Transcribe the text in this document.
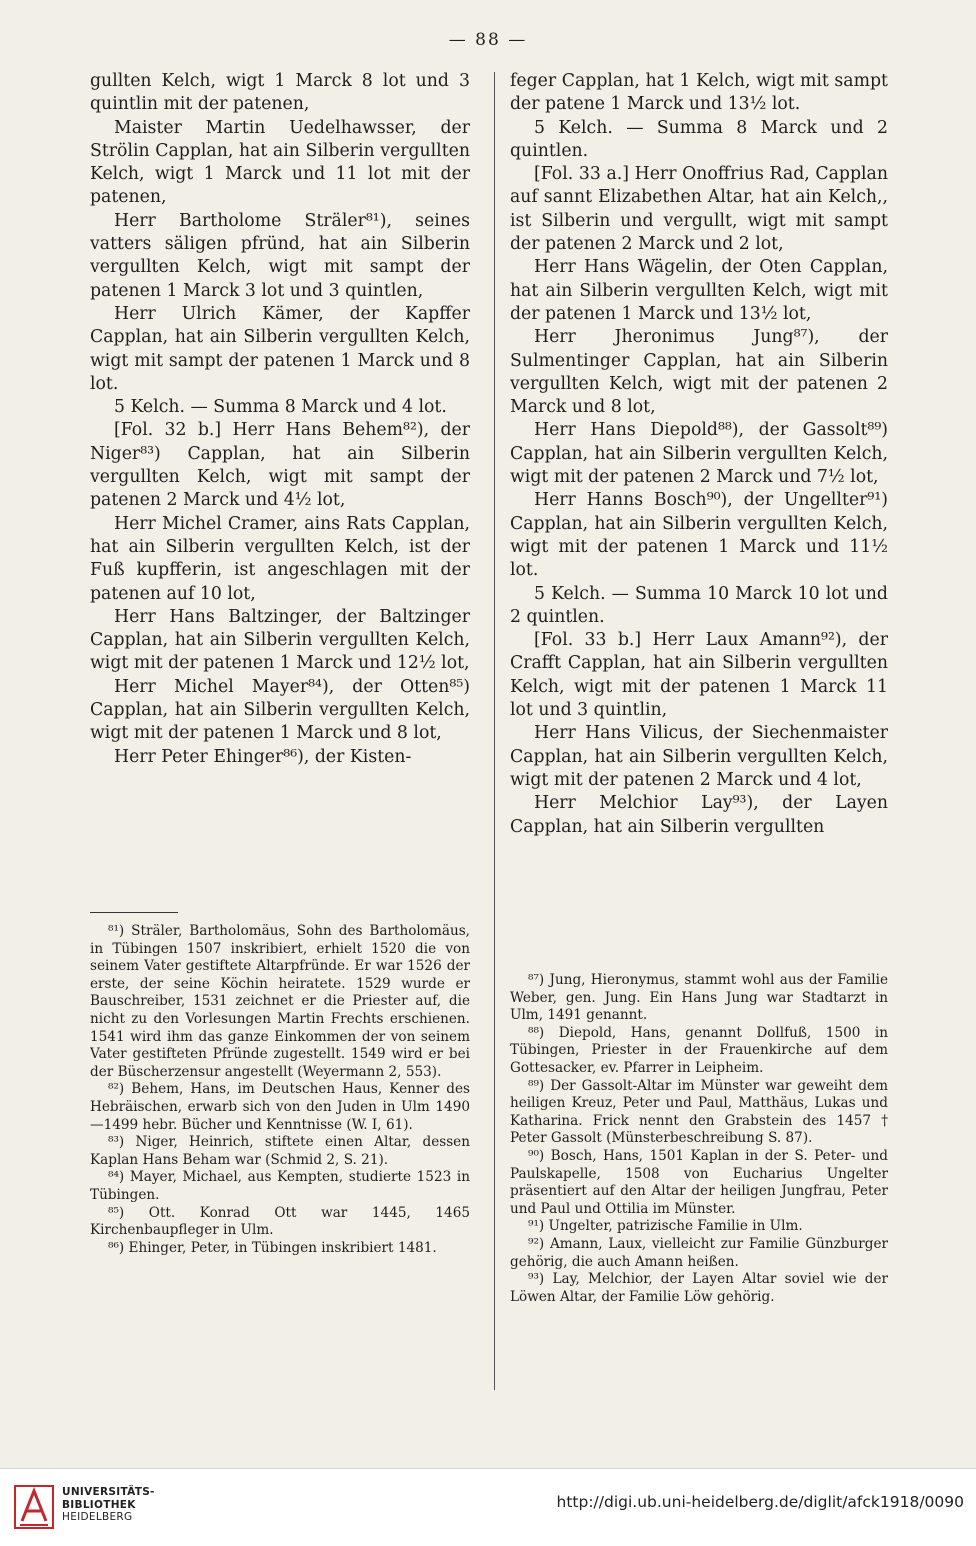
— 88 —

gullten Kelch, wigt 1 Marck 8 lot und 3 quintlin mit der patenen,

Maister Martin Uedelhawsser, der Strölin Capplan, hat ain Silberin vergullten Kelch, wigt 1 Marck und 11 lot mit der patenen,

Herr Bartholome Sträler⁸¹), seines vatters säligen pfründ, hat ain Silberin vergullten Kelch, wigt mit sampt der patenen 1 Marck 3 lot und 3 quintlen,

Herr Ulrich Kämer, der Kapffer Capplan, hat ain Silberin vergullten Kelch, wigt mit sampt der patenen 1 Marck und 8 lot.

5 Kelch. — Summa 8 Marck und 4 lot.

[Fol. 32 b.] Herr Hans Behem⁸²), der Niger⁸³) Capplan, hat ain Silberin vergullten Kelch, wigt mit sampt der patenen 2 Marck und 4½ lot,

Herr Michel Cramer, ains Rats Capplan, hat ain Silberin vergullten Kelch, ist der Fuß kupfferin, ist angeschlagen mit der patenen auf 10 lot,

Herr Hans Baltzinger, der Baltzinger Capplan, hat ain Silberin vergullten Kelch, wigt mit der patenen 1 Marck und 12½ lot,

Herr Michel Mayer⁸⁴), der Otten⁸⁵) Capplan, hat ain Silberin vergullten Kelch, wigt mit der patenen 1 Marck und 8 lot,

Herr Peter Ehinger⁸⁶), der Kisten-

⁸¹) Sträler, Bartholomäus, Sohn des Bartholomäus, in Tübingen 1507 inskribiert, erhielt 1520 die von seinem Vater gestiftete Altarpfründe. Er war 1526 der erste, der seine Köchin heiratete. 1529 wurde er Bauschreiber, 1531 zeichnet er die Priester auf, die nicht zu den Vorlesungen Martin Frechts erschienen. 1541 wird ihm das ganze Einkommen der von seinem Vater gestifteten Pfründe zugestellt. 1549 wird er bei der Büscherzensur angestellt (Weyermann 2, 553).

⁸²) Behem, Hans, im Deutschen Haus, Kenner des Hebräischen, erwarb sich von den Juden in Ulm 1490—1499 hebr. Bücher und Kenntnisse (W. I, 61).

⁸³) Niger, Heinrich, stiftete einen Altar, dessen Kaplan Hans Beham war (Schmid 2, S. 21).

⁸⁴) Mayer, Michael, aus Kempten, studierte 1523 in Tübingen.

⁸⁵) Ott. Konrad Ott war 1445, 1465 Kirchenbaupfleger in Ulm.

⁸⁶) Ehinger, Peter, in Tübingen inskribiert 1481.

feger Capplan, hat 1 Kelch, wigt mit sampt der patene 1 Marck und 13½ lot.

5 Kelch. — Summa 8 Marck und 2 quintlen.

[Fol. 33 a.] Herr Onoffrius Rad, Capplan auf sannt Elizabethen Altar, hat ain Kelch,, ist Silberin und vergullt, wigt mit sampt der patenen 2 Marck und 2 lot,

Herr Hans Wägelin, der Oten Capplan, hat ain Silberin vergullten Kelch, wigt mit der patenen 1 Marck und 13½ lot,

Herr Jheronimus Jung⁸⁷), der Sulmentinger Capplan, hat ain Silberin vergullten Kelch, wigt mit der patenen 2 Marck und 8 lot,

Herr Hans Diepold⁸⁸), der Gassolt⁸⁹) Capplan, hat ain Silberin vergullten Kelch, wigt mit der patenen 2 Marck und 7½ lot,

Herr Hanns Bosch⁹⁰), der Ungellter⁹¹) Capplan, hat ain Silberin vergullten Kelch, wigt mit der patenen 1 Marck und 11½ lot.

5 Kelch. — Summa 10 Marck 10 lot und 2 quintlen.

[Fol. 33 b.] Herr Laux Amann⁹²), der Crafft Capplan, hat ain Silberin vergullten Kelch, wigt mit der patenen 1 Marck 11 lot und 3 quintlin,

Herr Hans Vilicus, der Siechenmaister Capplan, hat ain Silberin vergullten Kelch, wigt mit der patenen 2 Marck und 4 lot,

Herr Melchior Lay⁹³), der Layen Capplan, hat ain Silberin vergullten

⁸⁷) Jung, Hieronymus, stammt wohl aus der Familie Weber, gen. Jung. Ein Hans Jung war Stadtarzt in Ulm, 1491 genannt.

⁸⁸) Diepold, Hans, genannt Dollfuß, 1500 in Tübingen, Priester in der Frauenkirche auf dem Gottesacker, ev. Pfarrer in Leipheim.

⁸⁹) Der Gassolt-Altar im Münster war geweiht dem heiligen Kreuz, Peter und Paul, Matthäus, Lukas und Katharina. Frick nennt den Grabstein des 1457 † Peter Gassolt (Münsterbeschreibung S. 87).

⁹⁰) Bosch, Hans, 1501 Kaplan in der S. Peter- und Paulskapelle, 1508 von Eucharius Ungelter präsentiert auf den Altar der heiligen Jungfrau, Peter und Paul und Ottilia im Münster.

⁹¹) Ungelter, patrizische Familie in Ulm.

⁹²) Amann, Laux, vielleicht zur Familie Günzburger gehörig, die auch Amann heißen.

⁹³) Lay, Melchior, der Layen Altar soviel wie der Löwen Altar, der Familie Löw gehörig.

UNIVERSITÄTS-
BIBLIOTHEK
HEIDELBERG
http://digi.ub.uni-heidelberg.de/diglit/afck1918/0090
